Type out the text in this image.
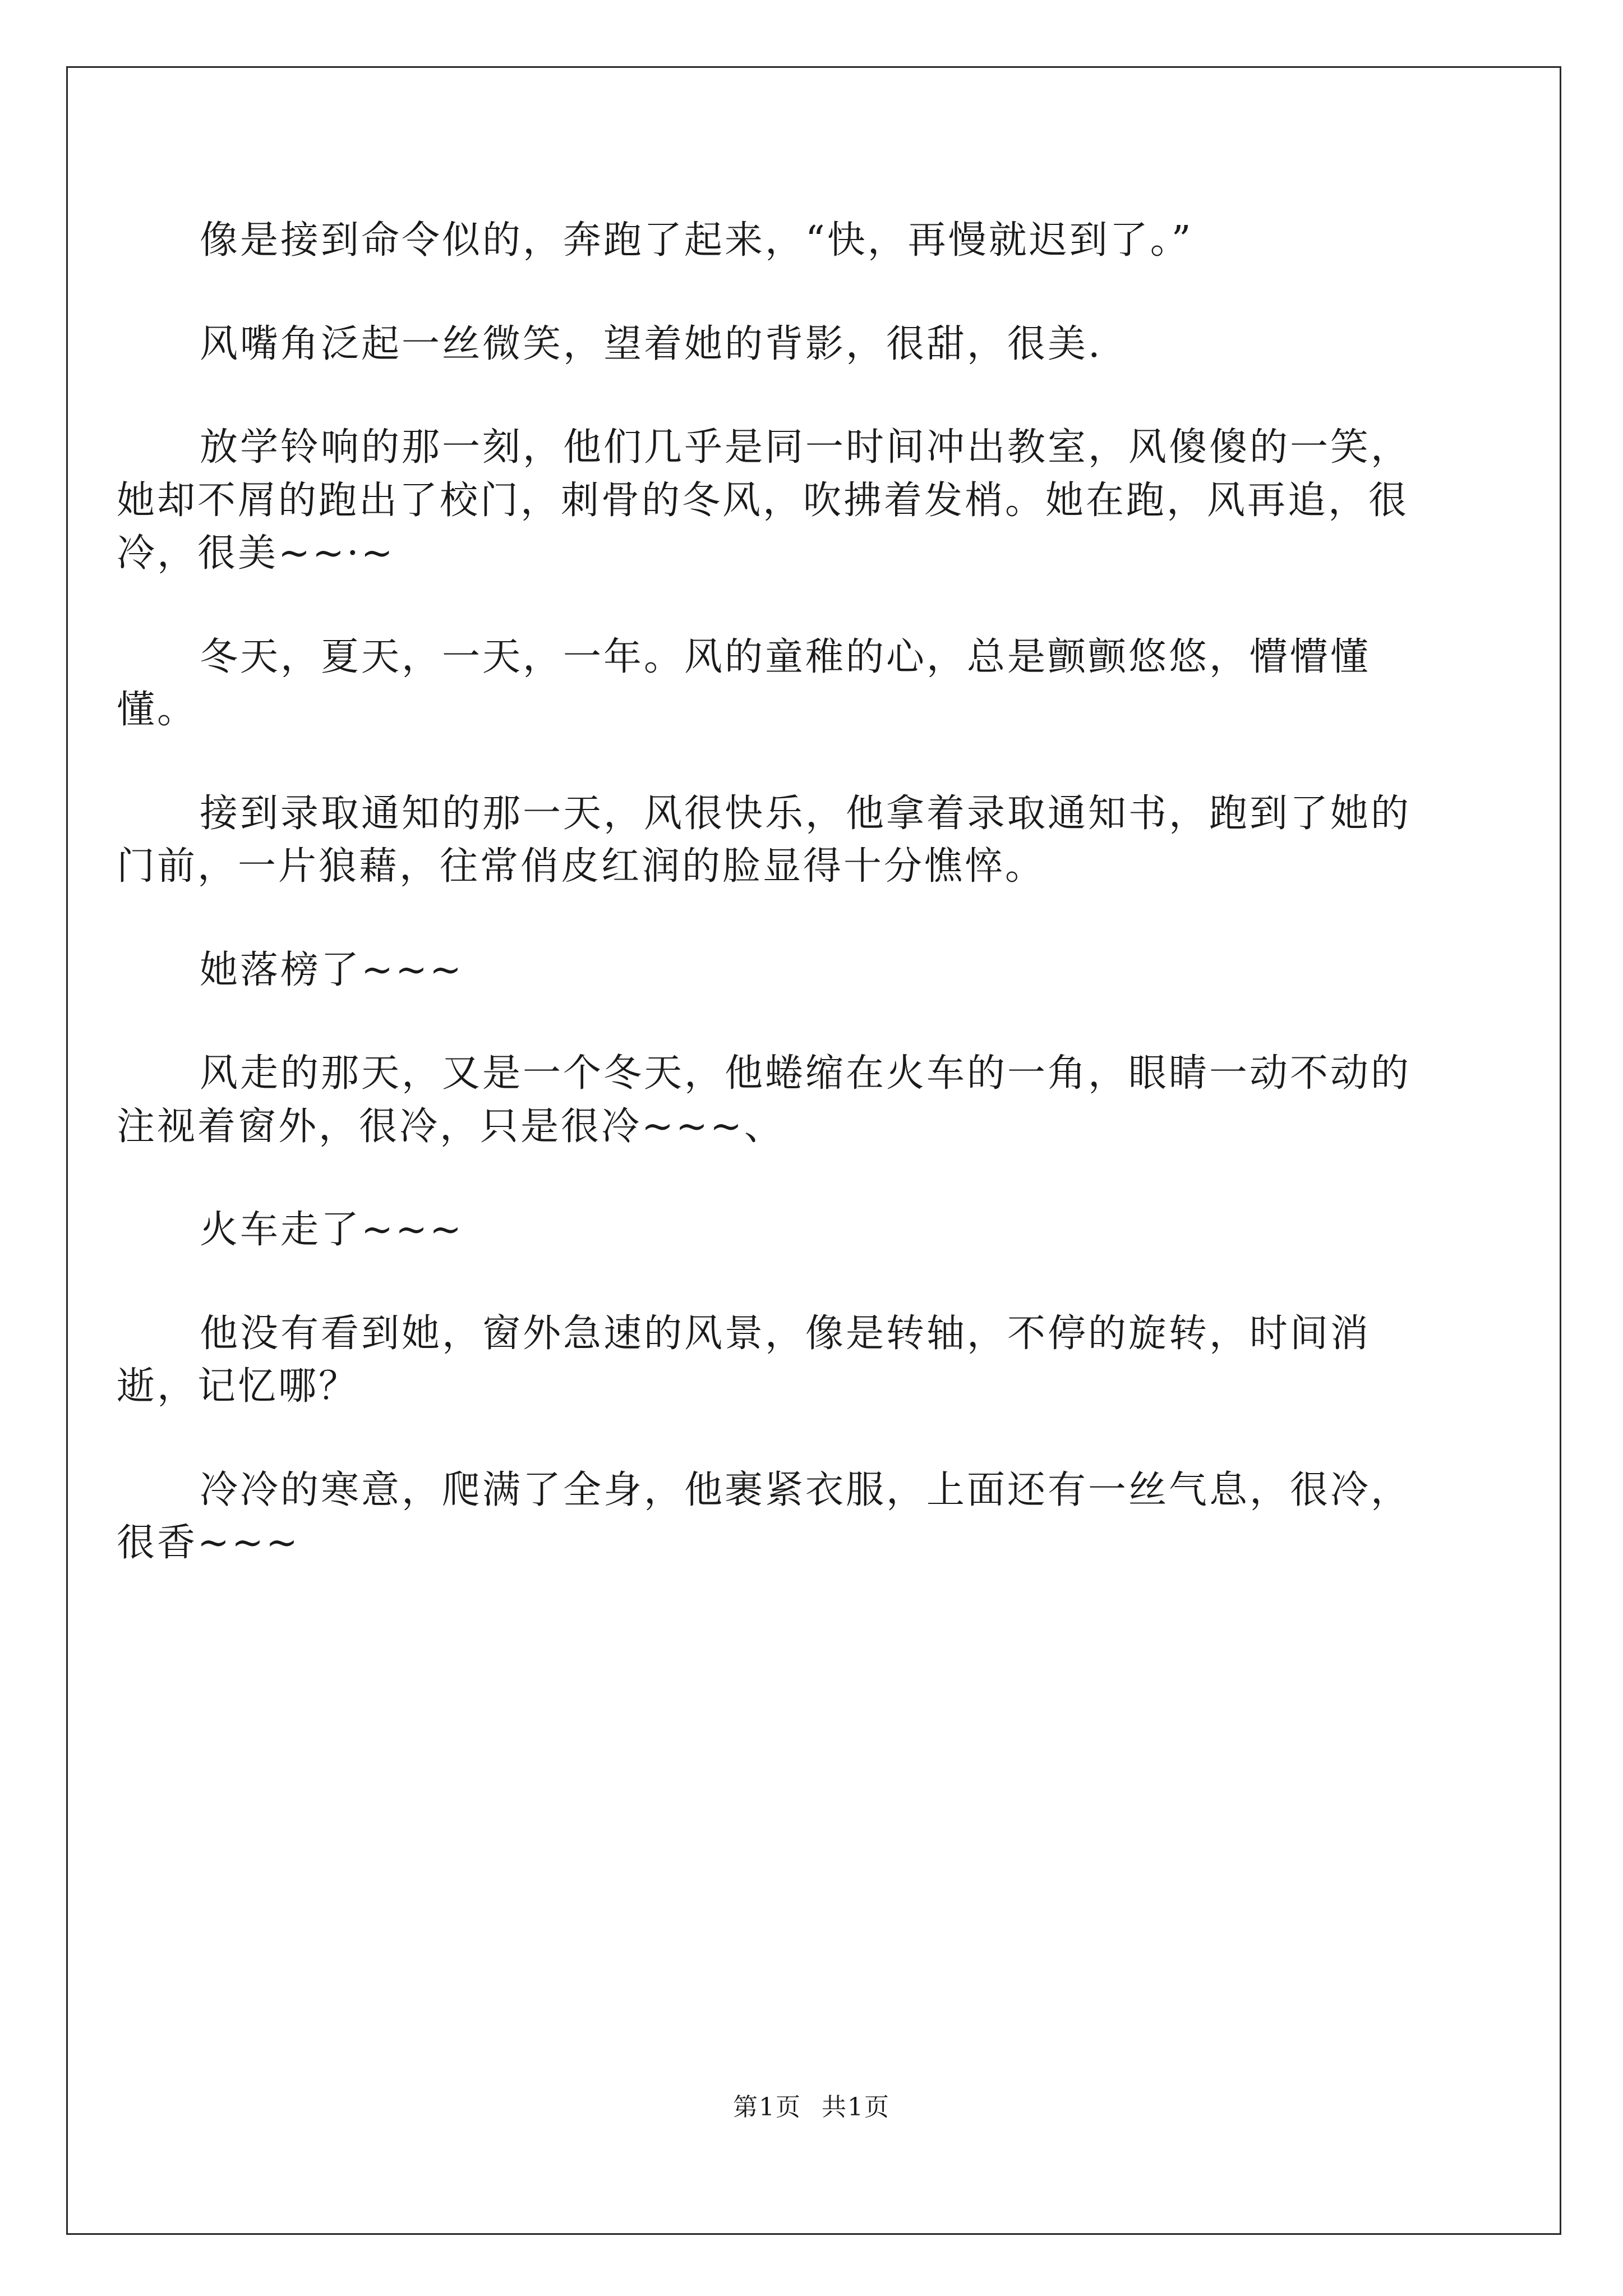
像是接到命令似的，奔跑了起来，“快，再慢就迟到了。”

风嘴角泛起一丝微笑，望着她的背影，很甜，很美.

放学铃响的那一刻，他们几乎是同一时间冲出教室，风傻傻的一笑，她却不屑的跑出了校门，刺骨的冬风，吹拂着发梢。她在跑，风再追，很冷，很美~~·~

冬天，夏天，一天，一年。风的童稚的心，总是颤颤悠悠，懵懵懂懂。

接到录取通知的那一天，风很快乐，他拿着录取通知书，跑到了她的门前，一片狼藉，往常俏皮红润的脸显得十分憔悴。

她落榜了~~~

风走的那天，又是一个冬天，他蜷缩在火车的一角，眼睛一动不动的注视着窗外，很冷，只是很冷~~~、

火车走了~~~

他没有看到她，窗外急速的风景，像是转轴，不停的旋转，时间消逝，记忆哪？

冷冷的寒意，爬满了全身，他裹紧衣服，上面还有一丝气息，很冷，很香~~~

第1页 共1页
